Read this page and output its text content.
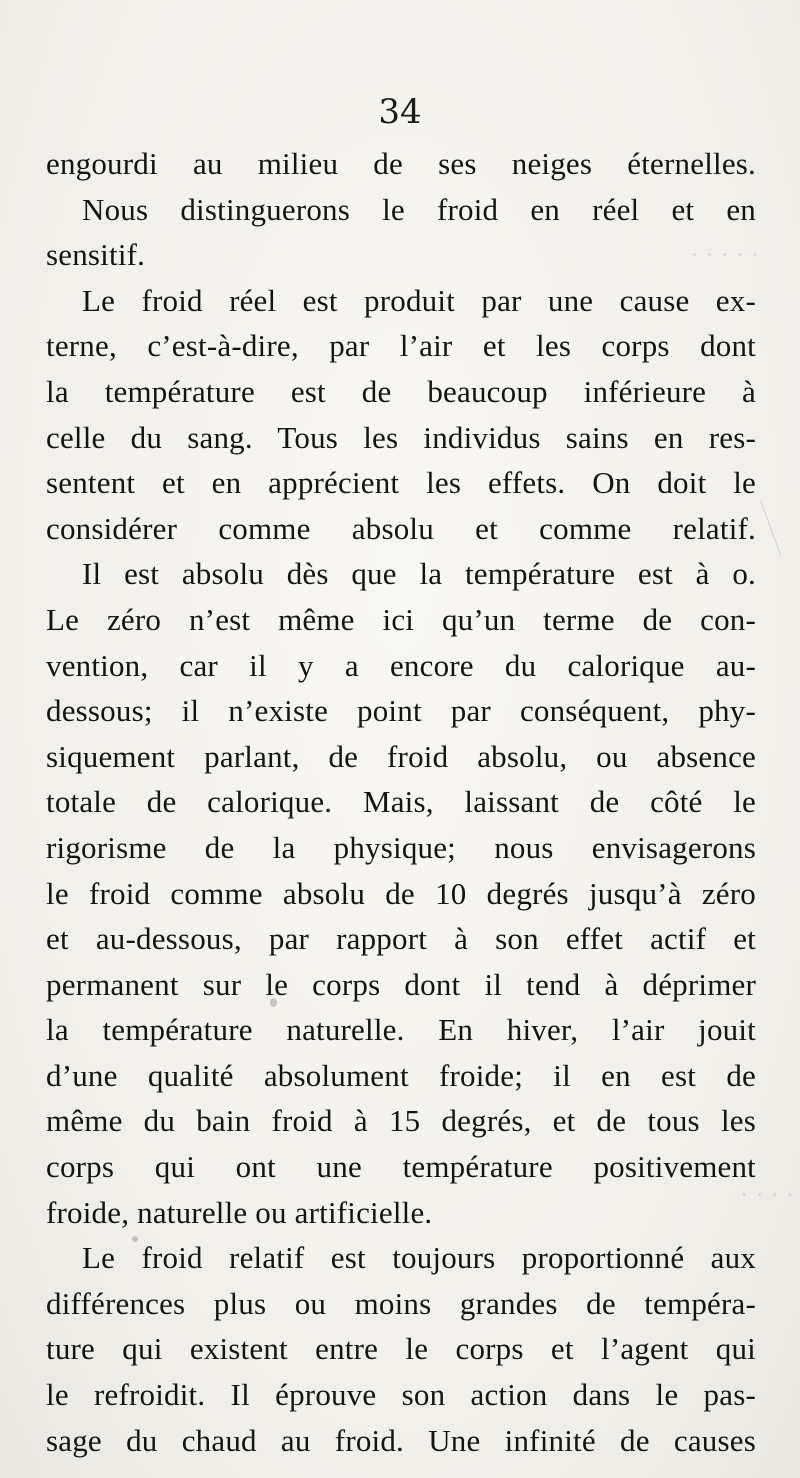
· · · · ·
· · · ·
34
engourdi au milieu de ses neiges éternelles.
Nous distinguerons le froid en réel et en
sensitif.
Le froid réel est produit par une cause ex-
terne, c’est-à-dire, par l’air et les corps dont
la température est de beaucoup inférieure à
celle du sang. Tous les individus sains en res-
sentent et en apprécient les effets. On doit le
considérer comme absolu et comme relatif.
Il est absolu dès que la température est à o.
Le zéro n’est même ici qu’un terme de con-
vention, car il y a encore du calorique au-
dessous; il n’existe point par conséquent, phy-
siquement parlant, de froid absolu, ou absence
totale de calorique. Mais, laissant de côté le
rigorisme de la physique; nous envisagerons
le froid comme absolu de 10 degrés jusqu’à zéro
et au-dessous, par rapport à son effet actif et
permanent sur le corps dont il tend à déprimer
la température naturelle. En hiver, l’air jouit
d’une qualité absolument froide; il en est de
même du bain froid à 15 degrés, et de tous les
corps qui ont une température positivement
froide, naturelle ou artificielle.
Le froid relatif est toujours proportionné aux
différences plus ou moins grandes de tempéra-
ture qui existent entre le corps et l’agent qui
le refroidit. Il éprouve son action dans le pas-
sage du chaud au froid. Une infinité de causes
